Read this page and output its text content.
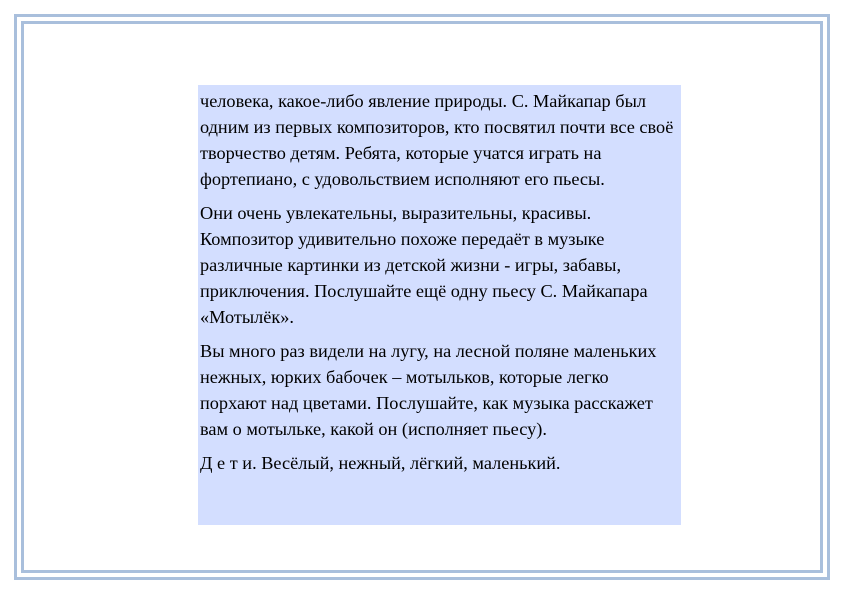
человека, какое-либо явление природы. С. Майкапар был одним из первых композиторов, кто посвятил почти все своё творчество детям. Ребята, которые учатся играть на фортепиано, с удовольствием исполняют его пьесы.

Они очень увлекательны, выразительны, красивы. Композитор удивительно похоже передаёт в музыке различные картинки из детской жизни - игры, забавы, приключения. Послушайте ещё одну пьесу С. Майкапара «Мотылёк».

Вы много раз видели на лугу, на лесной поляне маленьких нежных, юрких бабочек – мотыльков, которые легко порхают над цветами. Послушайте, как музыка расскажет вам о мотыльке, какой он (исполняет пьесу).

Д е т и. Весёлый, нежный, лёгкий, маленький.
